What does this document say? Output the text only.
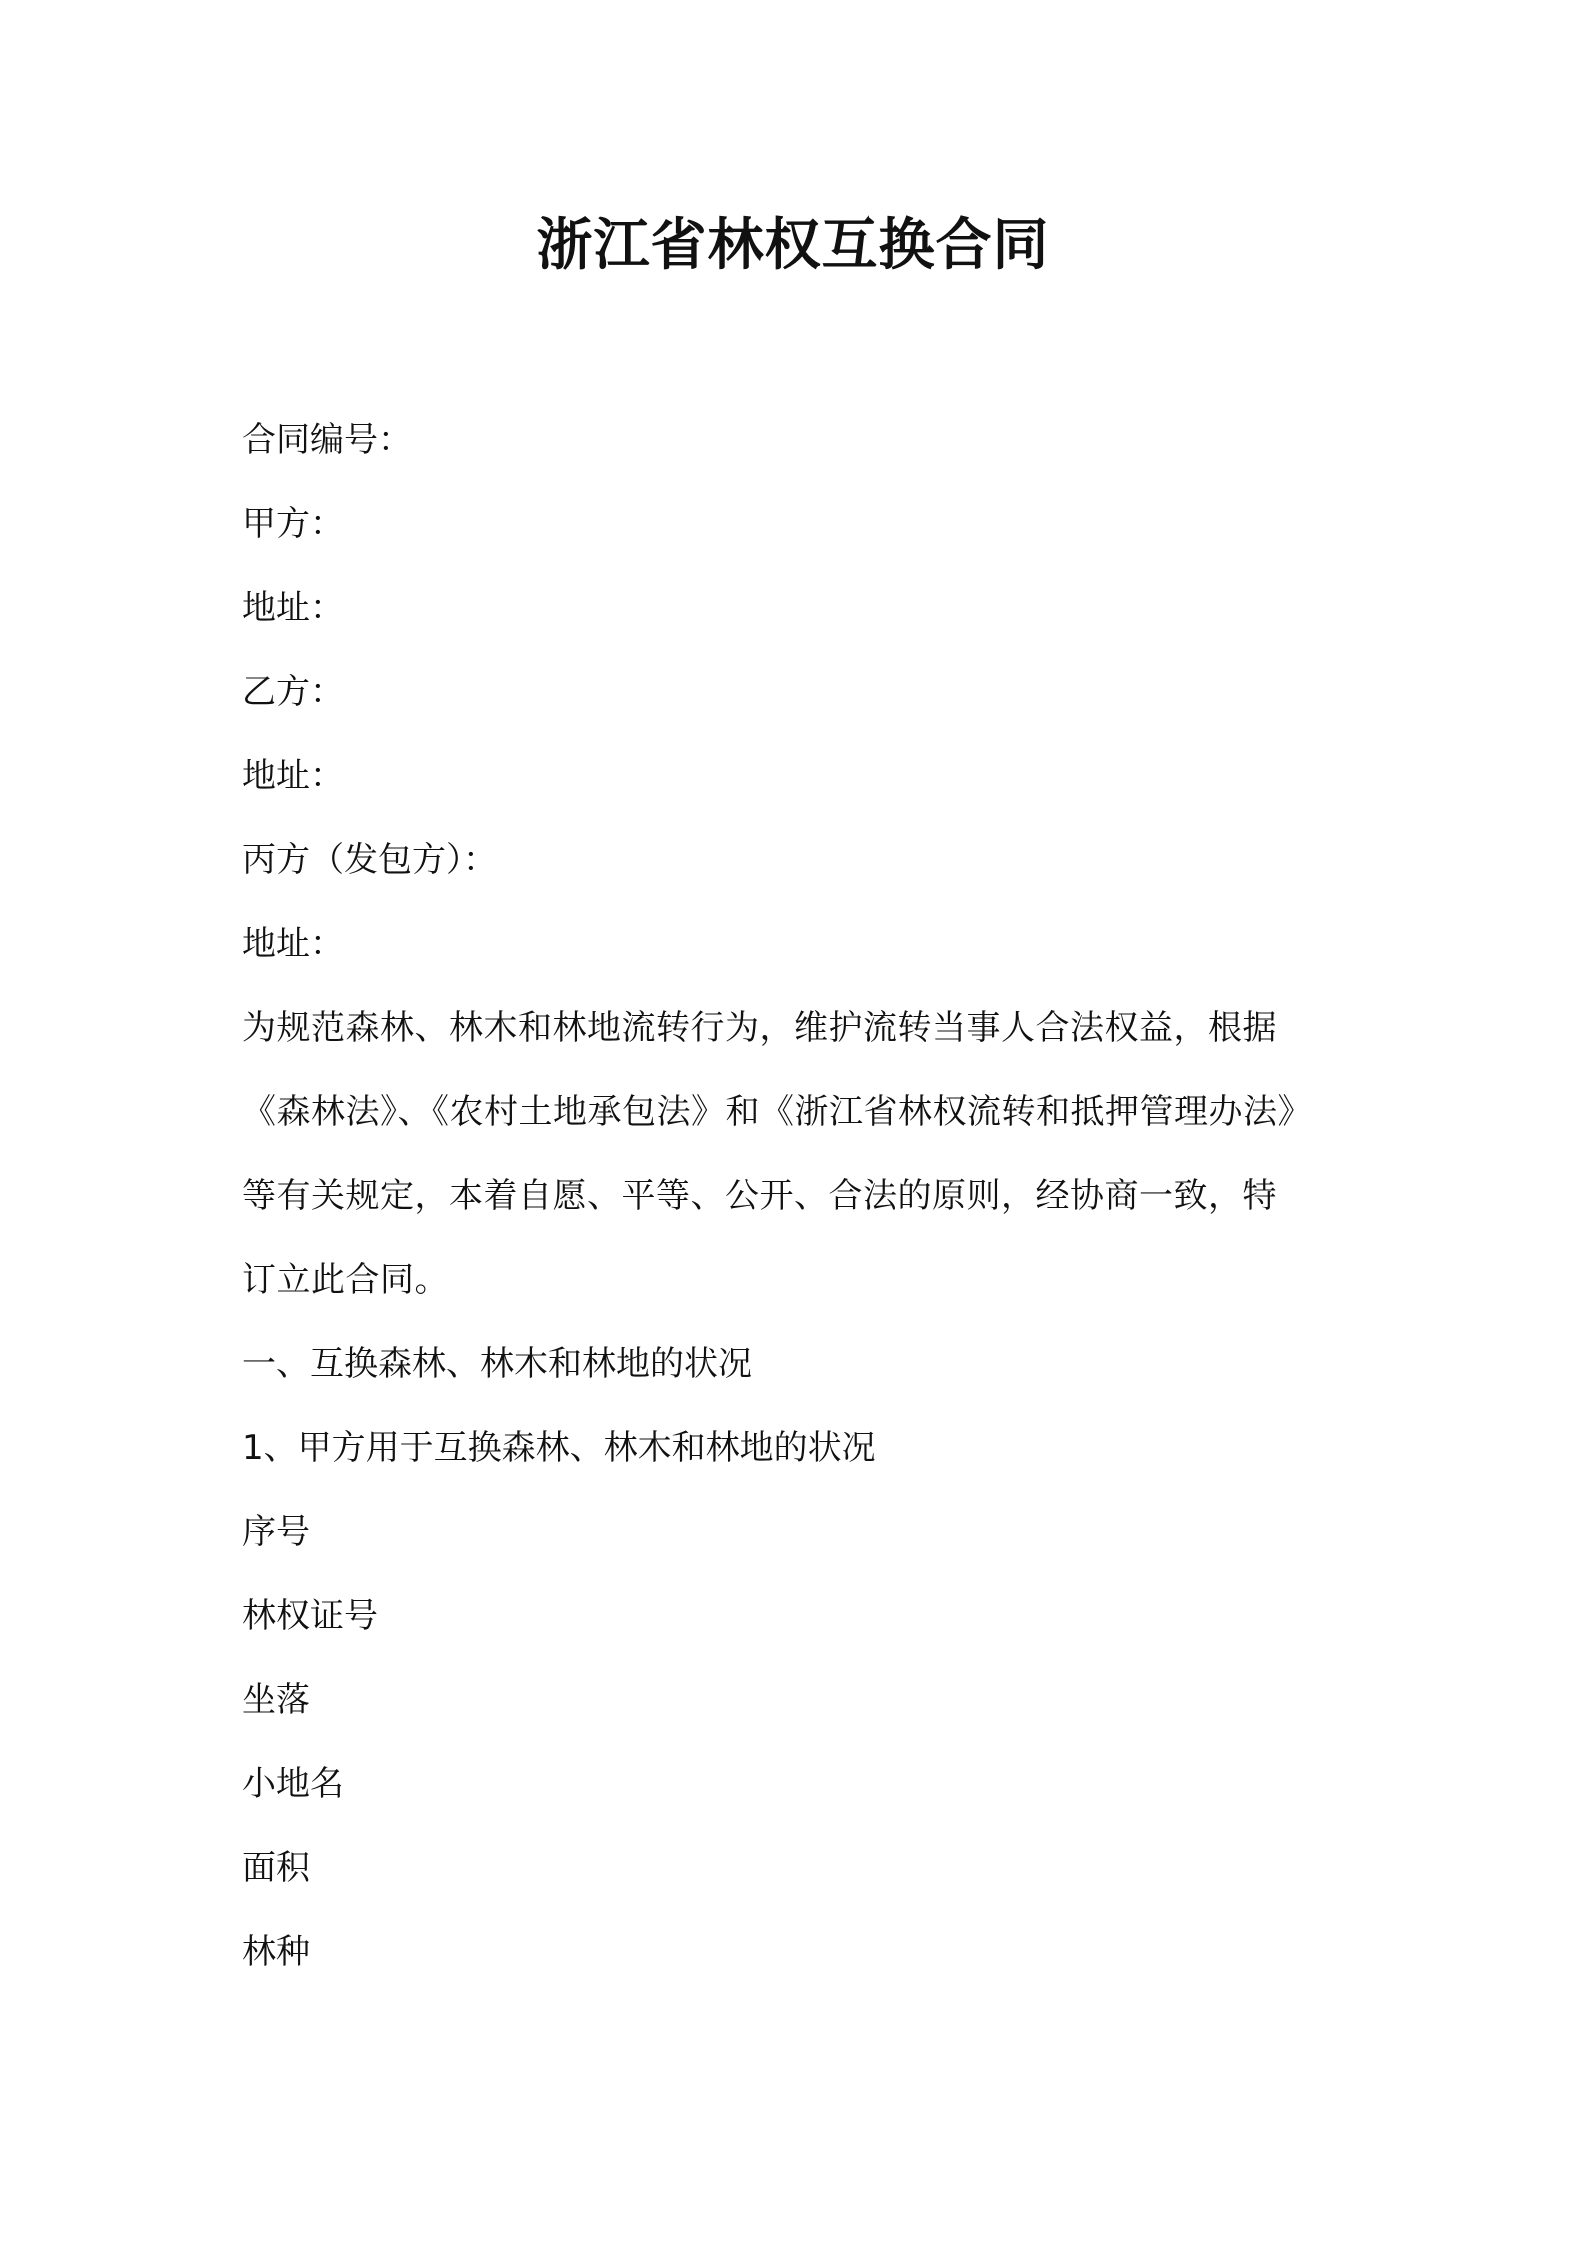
浙江省林权互换合同

合同编号：

甲方：

地址：

乙方：

地址：

丙方（发包方）：

地址：

为规范森林、林木和林地流转行为，维护流转当事人合法权益，根据

《森林法》、《农村土地承包法》和《浙江省林权流转和抵押管理办法》

等有关规定，本着自愿、平等、公开、合法的原则，经协商一致，特

订立此合同。

一、互换森林、林木和林地的状况

1、甲方用于互换森林、林木和林地的状况

序号

林权证号

坐落

小地名

面积

林种
